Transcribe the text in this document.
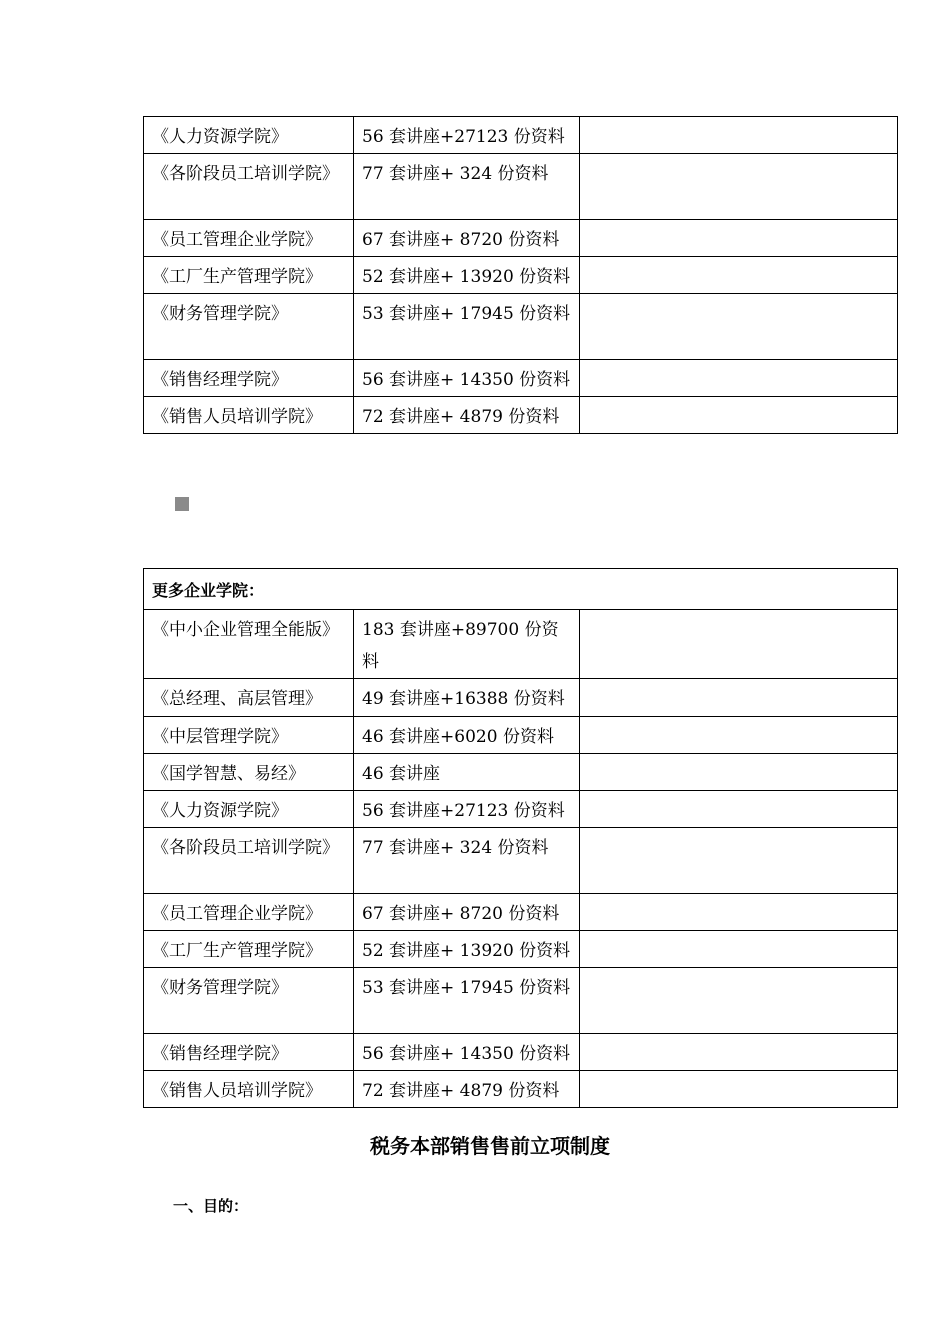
《人力资源学院》	56 套讲座+27123 份资料	
《各阶段员工培训学院》	77 套讲座+ 324 份资料	
《员工管理企业学院》	67 套讲座+ 8720 份资料	
《工厂生产管理学院》	52 套讲座+ 13920 份资料	
《财务管理学院》	53 套讲座+ 17945 份资料	
《销售经理学院》	56 套讲座+ 14350 份资料	
《销售人员培训学院》	72 套讲座+ 4879 份资料	
更多企业学院：		
《中小企业管理全能版》	183 套讲座+89700 份资料	
《总经理、高层管理》	49 套讲座+16388 份资料	
《中层管理学院》	46 套讲座+6020 份资料	
《国学智慧、易经》	46 套讲座	
《人力资源学院》	56 套讲座+27123 份资料	
《各阶段员工培训学院》	77 套讲座+ 324 份资料	
《员工管理企业学院》	67 套讲座+ 8720 份资料	
《工厂生产管理学院》	52 套讲座+ 13920 份资料	
《财务管理学院》	53 套讲座+ 17945 份资料	
《销售经理学院》	56 套讲座+ 14350 份资料	
《销售人员培训学院》	72 套讲座+ 4879 份资料	
税务本部销售售前立项制度
一、目的：
